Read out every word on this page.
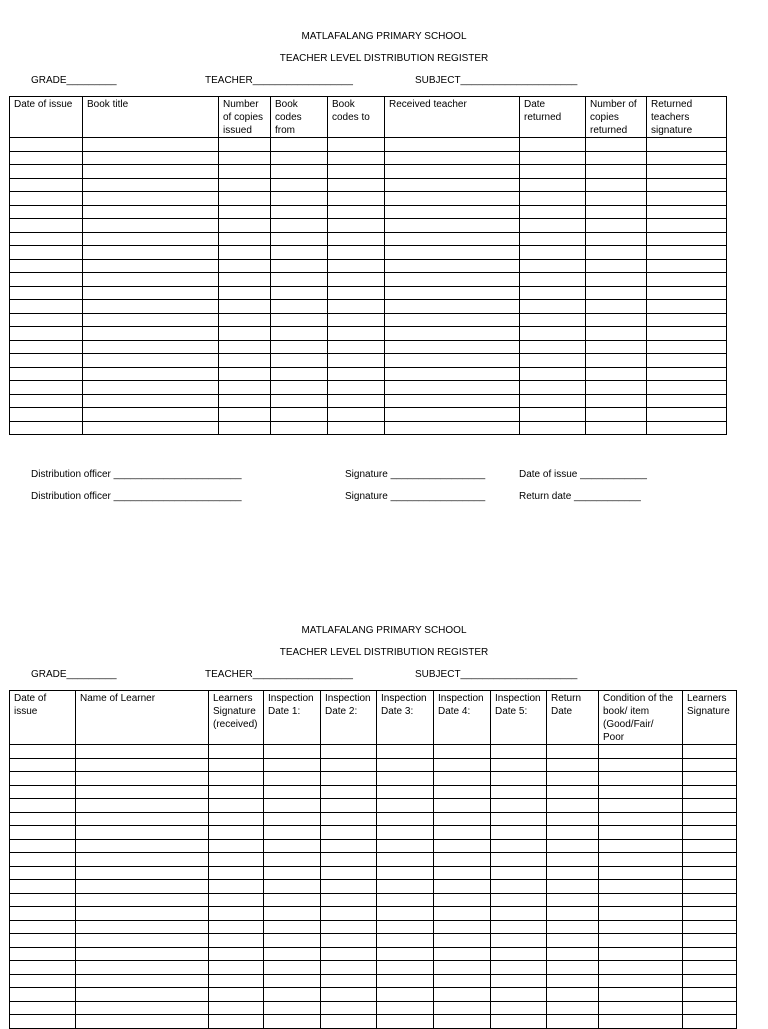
MATLAFALANG PRIMARY SCHOOL
TEACHER LEVEL DISTRIBUTION REGISTER
GRADE_________	TEACHER__________________	SUBJECT_____________________
Date of issue	Book title	Number
of copies
issued	Book
codes
from	Book
codes to	Received teacher	Date
returned	Number of
copies
returned	Returned
teachers
signature

Distribution officer _______________________	Signature _________________	Date of issue ____________
Distribution officer _______________________	Signature _________________	Return date ____________
MATLAFALANG PRIMARY SCHOOL
TEACHER LEVEL DISTRIBUTION REGISTER
GRADE_________	TEACHER__________________	SUBJECT_____________________
Date of
issue	Name of Learner	Learners
Signature
(received)	Inspection
Date 1:	Inspection
Date 2:	Inspection
Date 3:	Inspection
Date 4:	Inspection
Date 5:	Return
Date	Condition of the
book/ item
(Good/Fair/
Poor	Learners
Signature
